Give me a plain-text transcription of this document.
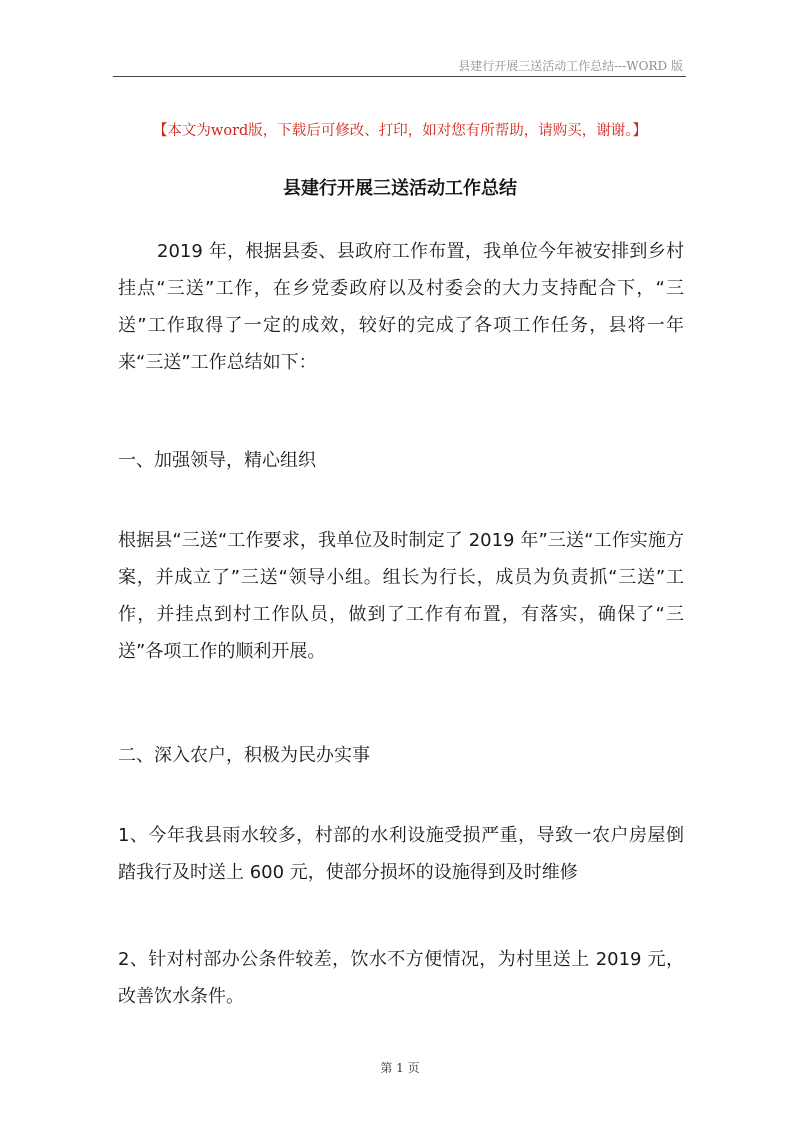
县建行开展三送活动工作总结---WORD 版
【本文为word版，下载后可修改、打印，如对您有所帮助，请购买，谢谢。】
县建行开展三送活动工作总结

2019 年，根据县委、县政府工作布置，我单位今年被安排到乡村挂点“三送”工作，在乡党委政府以及村委会的大力支持配合下，“三送”工作取得了一定的成效，较好的完成了各项工作任务，县将一年来“三送”工作总结如下：

一、加强领导，精心组织

根据县“三送“工作要求，我单位及时制定了 2019 年”三送“工作实施方案，并成立了”三送“领导小组。组长为行长，成员为负责抓“三送”工作，并挂点到村工作队员，做到了工作有布置，有落实，确保了“三送”各项工作的顺利开展。

二、深入农户，积极为民办实事

1、今年我县雨水较多，村部的水利设施受损严重，导致一农户房屋倒踏我行及时送上 600 元，使部分损坏的设施得到及时维修

2、针对村部办公条件较差，饮水不方便情况，为村里送上 2019 元，改善饮水条件。

第 1 页
